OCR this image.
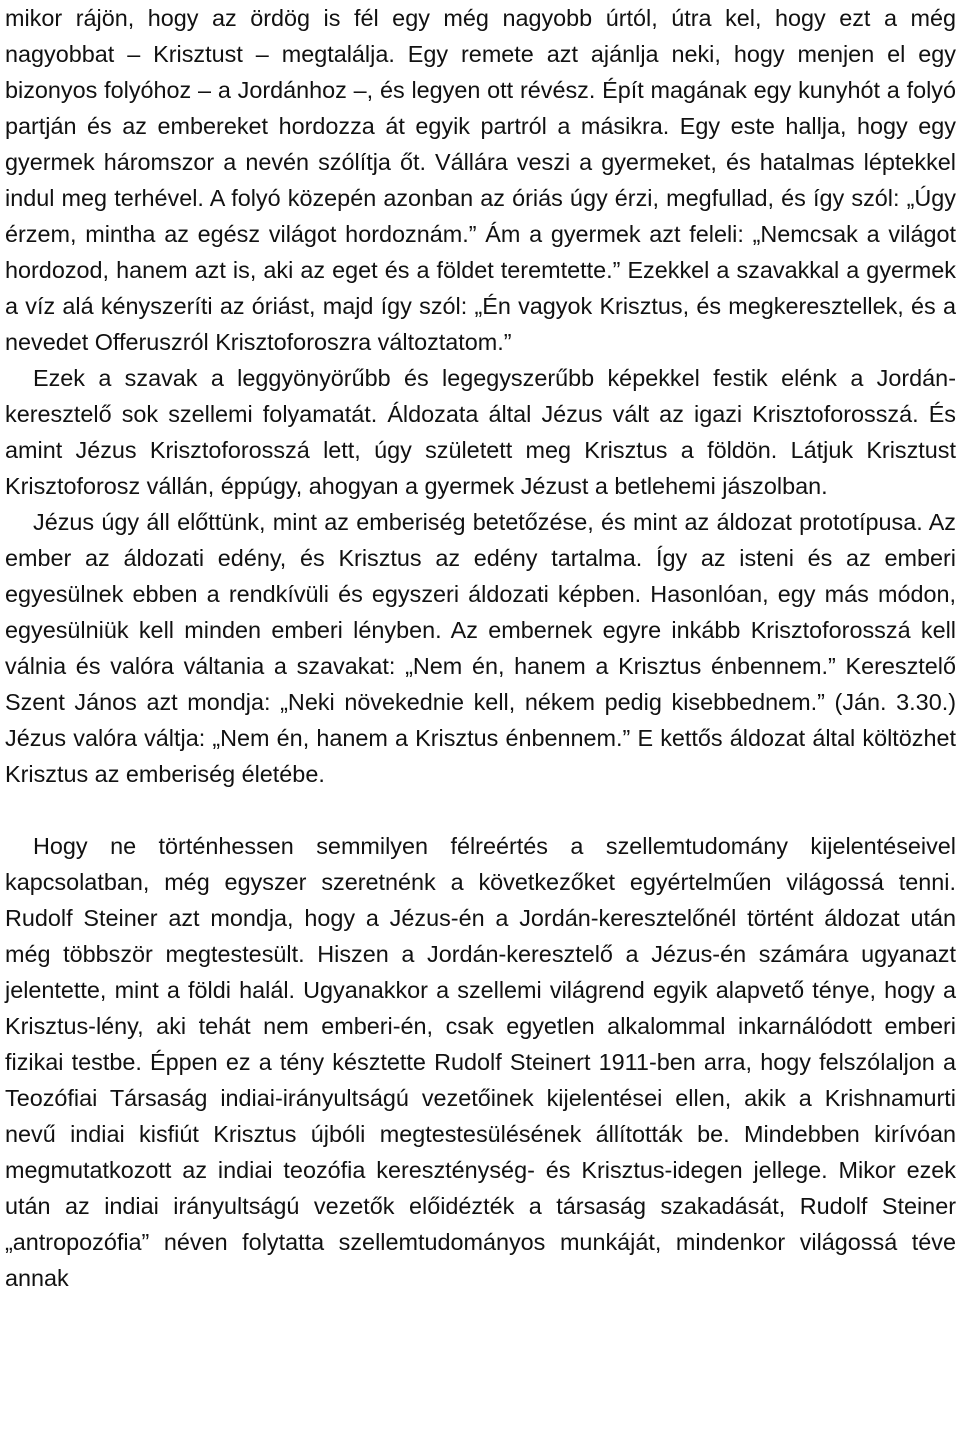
mikor rájön, hogy az ördög is fél egy még nagyobb úrtól, útra kel, hogy ezt a még nagyobbat – Krisztust – megtalálja. Egy remete azt ajánlja neki, hogy menjen el egy bizonyos folyóhoz – a Jordánhoz –, és legyen ott révész. Épít magának egy kunyhót a folyó partján és az embereket hordozza át egyik partról a másikra. Egy este hallja, hogy egy gyermek háromszor a nevén szólítja őt. Vállára veszi a gyermeket, és hatalmas léptekkel indul meg terhével. A folyó közepén azonban az óriás úgy érzi, megfullad, és így szól: „Úgy érzem, mintha az egész világot hordoznám.” Ám a gyermek azt feleli: „Nemcsak a világot hordozod, hanem azt is, aki az eget és a földet teremtette.” Ezekkel a szavakkal a gyermek a víz alá kényszeríti az óriást, majd így szól: „Én vagyok Krisztus, és megkeresztellek, és a nevedet Offeruszról Krisztoforoszra változtatom.”

Ezek a szavak a leggyönyörűbb és legegyszerűbb képekkel festik elénk a Jordán-keresztelő sok szellemi folyamatát. Áldozata által Jézus vált az igazi Krisztoforosszá. És amint Jézus Krisztoforosszá lett, úgy született meg Krisztus a földön. Látjuk Krisztust Krisztoforosz vállán, éppúgy, ahogyan a gyermek Jézust a betlehemi jászolban.

Jézus úgy áll előttünk, mint az emberiség betetőzése, és mint az áldozat prototípusa. Az ember az áldozati edény, és Krisztus az edény tartalma. Így az isteni és az emberi egyesülnek ebben a rendkívüli és egyszeri áldozati képben. Hasonlóan, egy más módon, egyesülniük kell minden emberi lényben. Az embernek egyre inkább Krisztoforosszá kell válnia és valóra váltania a szavakat: „Nem én, hanem a Krisztus énbennem.” Keresztelő Szent János azt mondja: „Neki növekednie kell, nékem pedig kisebbednem.” (Ján. 3.30.) Jézus valóra váltja: „Nem én, hanem a Krisztus énbennem.” E kettős áldozat által költözhet Krisztus az emberiség életébe.

Hogy ne történhessen semmilyen félreértés a szellemtudomány kijelentéseivel kapcsolatban, még egyszer szeretnénk a következőket egyértelműen világossá tenni. Rudolf Steiner azt mondja, hogy a Jézus-én a Jordán-keresztelőnél történt áldozat után még többször megtestesült. Hiszen a Jordán-keresztelő a Jézus-én számára ugyanazt jelentette, mint a földi halál. Ugyanakkor a szellemi világrend egyik alapvető ténye, hogy a Krisztus-lény, aki tehát nem emberi-én, csak egyetlen alkalommal inkarnálódott emberi fizikai testbe. Éppen ez a tény késztette Rudolf Steinert 1911-ben arra, hogy felszólaljon a Teozófiai Társaság indiai-irányultságú vezetőinek kijelentései ellen, akik a Krishnamurti nevű indiai kisfiút Krisztus újbóli megtestesülésének állították be. Mindebben kirívóan megmutatkozott az indiai teozófia kereszténység- és Krisztus-idegen jellege. Mikor ezek után az indiai irányultságú vezetők előidézték a társaság szakadását, Rudolf Steiner „antropozófia” néven folytatta szellemtudományos munkáját, mindenkor világossá téve annak
